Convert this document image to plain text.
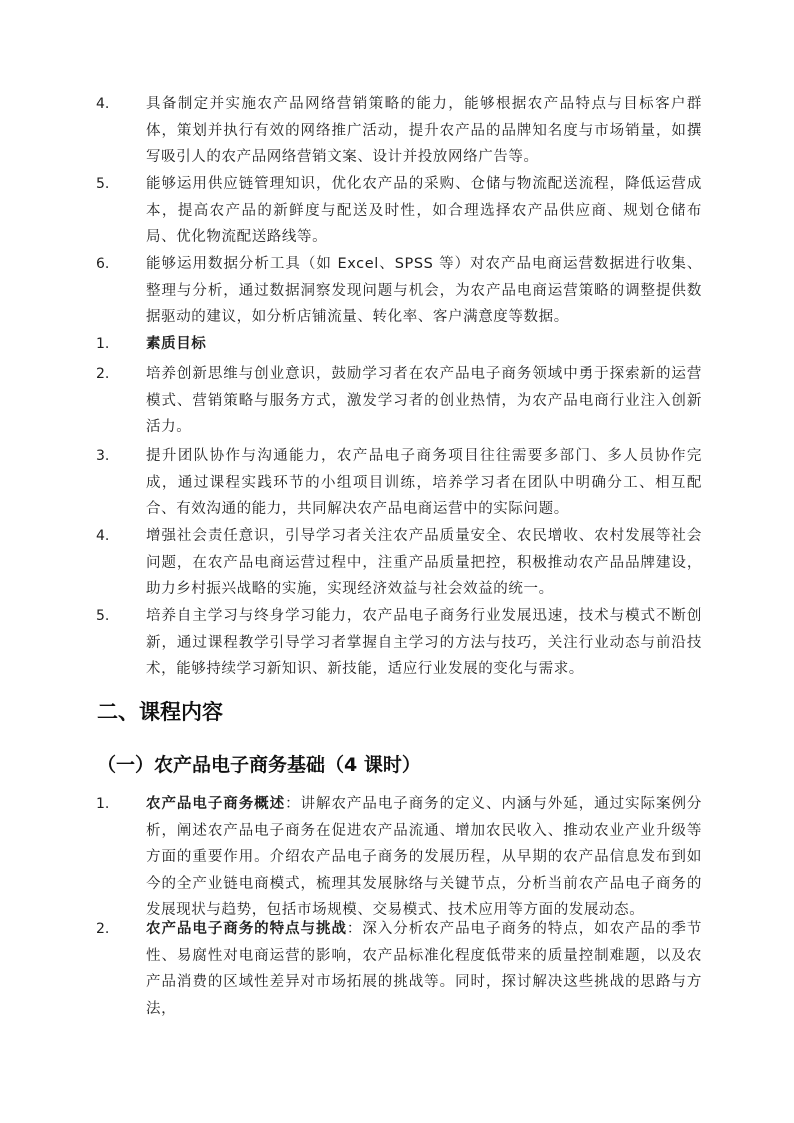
4.	具备制定并实施农产品网络营销策略的能力，能够根据农产品特点与目标客户群体，策划并执行有效的网络推广活动，提升农产品的品牌知名度与市场销量，如撰写吸引人的农产品网络营销文案、设计并投放网络广告等。
5.	能够运用供应链管理知识，优化农产品的采购、仓储与物流配送流程，降低运营成本，提高农产品的新鲜度与配送及时性，如合理选择农产品供应商、规划仓储布局、优化物流配送路线等。
6.	能够运用数据分析工具（如 Excel、SPSS 等）对农产品电商运营数据进行收集、整理与分析，通过数据洞察发现问题与机会，为农产品电商运营策略的调整提供数据驱动的建议，如分析店铺流量、转化率、客户满意度等数据。
1.	素质目标
2.	培养创新思维与创业意识，鼓励学习者在农产品电子商务领域中勇于探索新的运营模式、营销策略与服务方式，激发学习者的创业热情，为农产品电商行业注入创新活力。
3.	提升团队协作与沟通能力，农产品电子商务项目往往需要多部门、多人员协作完成，通过课程实践环节的小组项目训练，培养学习者在团队中明确分工、相互配合、有效沟通的能力，共同解决农产品电商运营中的实际问题。
4.	增强社会责任意识，引导学习者关注农产品质量安全、农民增收、农村发展等社会问题，在农产品电商运营过程中，注重产品质量把控，积极推动农产品品牌建设，助力乡村振兴战略的实施，实现经济效益与社会效益的统一。
5.	培养自主学习与终身学习能力，农产品电子商务行业发展迅速，技术与模式不断创新，通过课程教学引导学习者掌握自主学习的方法与技巧，关注行业动态与前沿技术，能够持续学习新知识、新技能，适应行业发展的变化与需求。
二、课程内容
（一）农产品电子商务基础（4 课时）
1.	农产品电子商务概述：讲解农产品电子商务的定义、内涵与外延，通过实际案例分析，阐述农产品电子商务在促进农产品流通、增加农民收入、推动农业产业升级等方面的重要作用。介绍农产品电子商务的发展历程，从早期的农产品信息发布到如今的全产业链电商模式，梳理其发展脉络与关键节点，分析当前农产品电子商务的发展现状与趋势，包括市场规模、交易模式、技术应用等方面的发展动态。
2.	农产品电子商务的特点与挑战：深入分析农产品电子商务的特点，如农产品的季节性、易腐性对电商运营的影响，农产品标准化程度低带来的质量控制难题，以及农产品消费的区域性差异对市场拓展的挑战等。同时，探讨解决这些挑战的思路与方法，
